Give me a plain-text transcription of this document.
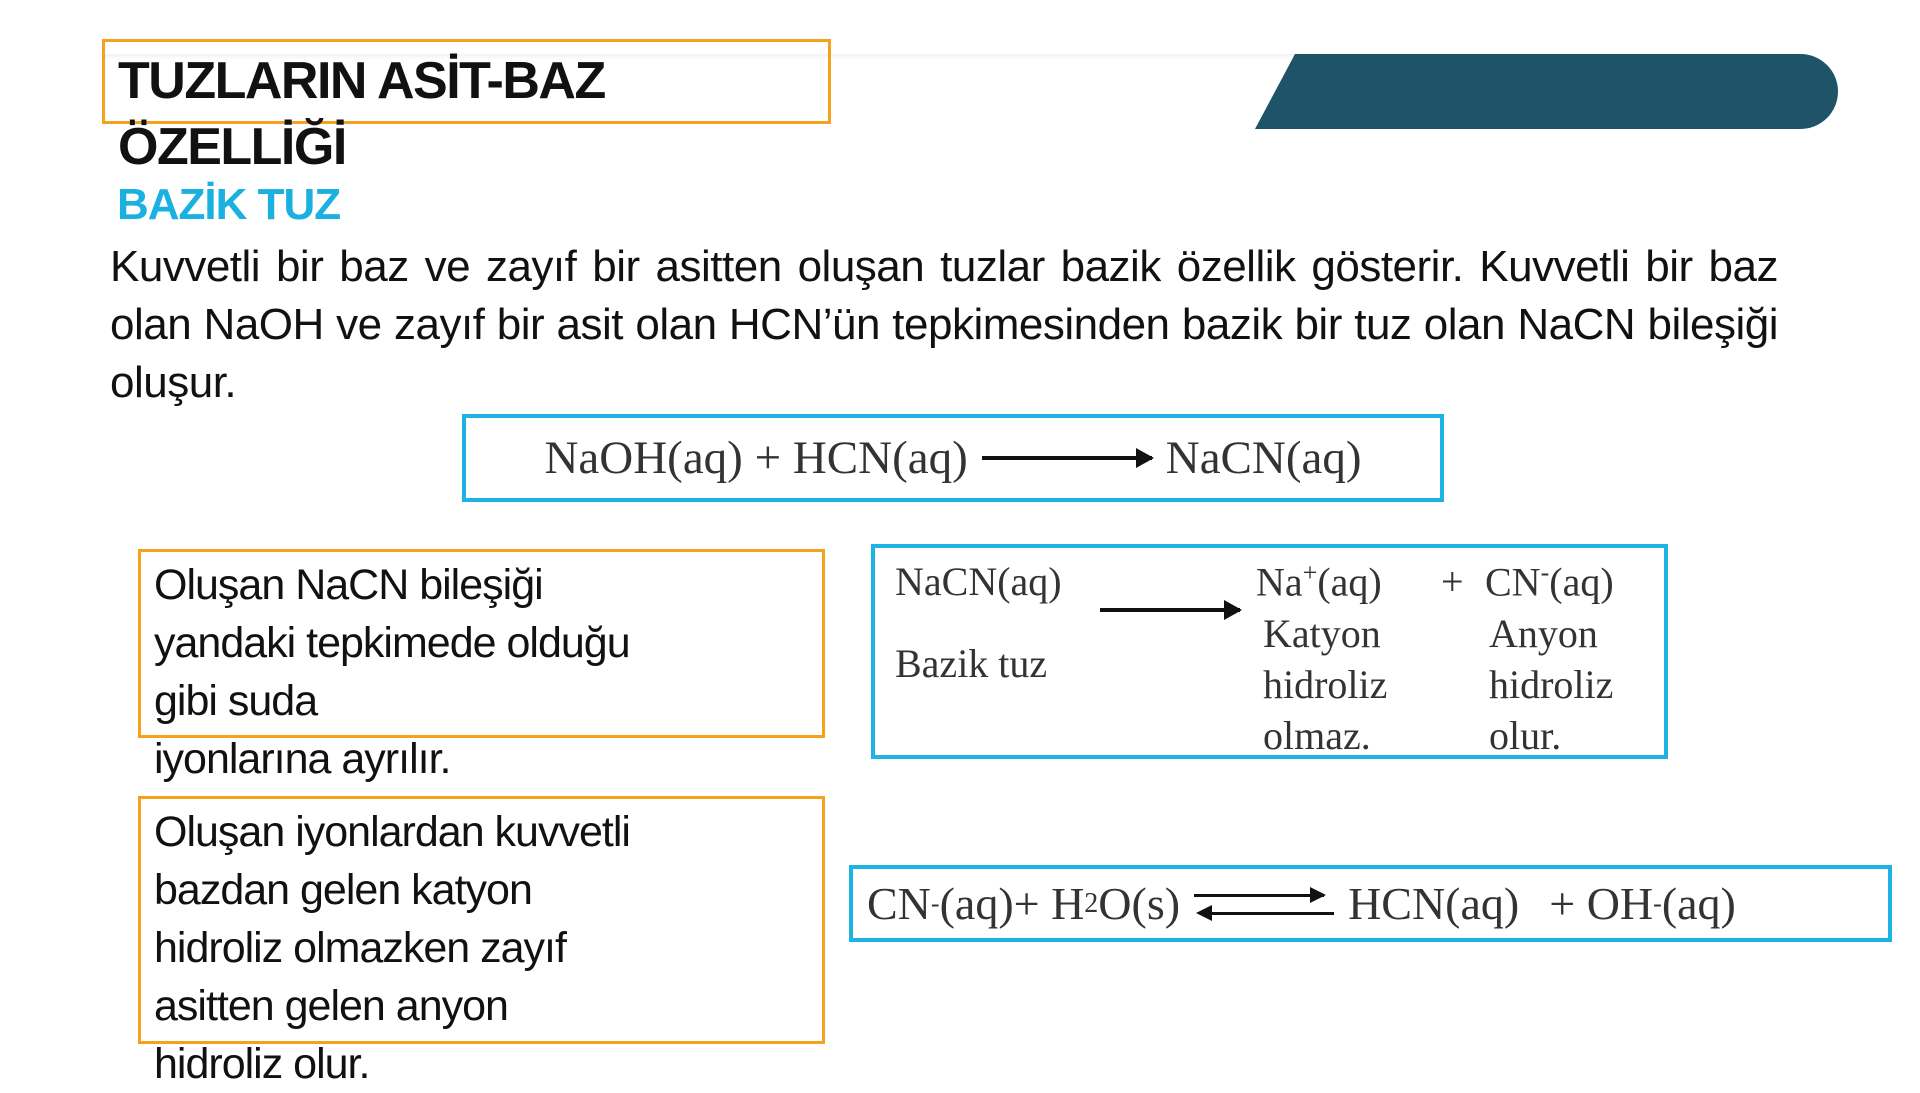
TUZLARIN ASİT-BAZ
ÖZELLİĞİ
BAZİK TUZ
Kuvvetli bir baz ve zayıf bir asitten oluşan tuzlar bazik özellik gösterir. Kuvvetli bir baz olan NaOH ve zayıf bir asit olan HCN’ün tepkimesinden bazik bir tuz olan NaCN bileşiği oluşur.
NaOH(aq) + HCN(aq)	NaCN(aq)
Oluşan NaCN bileşiği
yandaki tepkimede olduğu
gibi suda
iyonlarına ayrılır.
NaCN(aq)	Na+(aq) + CN-(aq)
Bazik tuz
Katyon
hidroliz
olmaz.
Anyon
hidroliz
olur.
Oluşan iyonlardan kuvvetli
bazdan gelen katyon
hidroliz olmazken zayıf
asitten gelen anyon
hidroliz olur.
CN - (aq)+ H 2 O(s) ⇌ HCN(aq) + OH - (aq)
